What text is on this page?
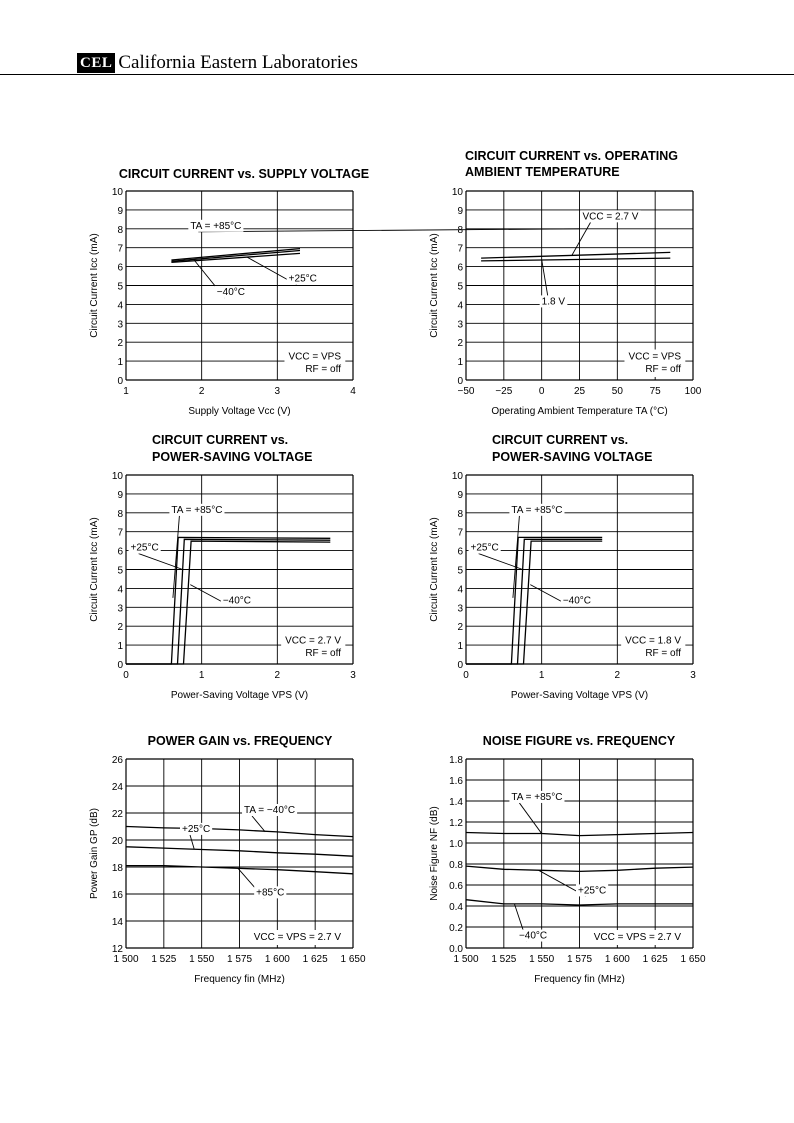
CEL California Eastern Laboratories
CIRCUIT CURRENT vs. SUPPLY VOLTAGE
1	2	3	4
0
1
2
3
4
5
6
7
8
9
10
Supply Voltage Vcc (V)
Circuit Current Icc (mA)
TA = +85°C
+25°C
−40°C
VCC = VPS
RF = off
CIRCUIT CURRENT vs. OPERATING AMBIENT TEMPERATURE
−50 −25	0	25	50	75 100
0
1
2
3
4
5
6
7
8
9
10
Operating Ambient Temperature TA (°C)
Circuit Current Icc (mA)
VCC = 2.7 V
1.8 V
VCC = VPS
RF = off
CIRCUIT CURRENT vs. POWER-SAVING VOLTAGE
0	1	2	3
0
1
2
3
4
5
6
7
8
9
10
Power-Saving Voltage VPS (V)
Circuit Current Icc (mA)
TA = +85°C
+25°C
−40°C
VCC = 2.7 V
RF = off
CIRCUIT CURRENT vs. POWER-SAVING VOLTAGE
0	1	2	3
0
1
2
3
4
5
6
7
8
9
10
Power-Saving Voltage VPS (V)
Circuit Current Icc (mA)
TA = +85°C
+25°C
−40°C
VCC = 1.8 V
RF = off
POWER GAIN vs. FREQUENCY
1 500 1 525 1 550 1 575 1 600 1 625 1 650
12
14
16
18
20
22
24
26
Frequency fin (MHz)
Power Gain GP (dB)	TA = −40°C
+25°C
+85°C
VCC = VPS = 2.7 V
NOISE FIGURE vs. FREQUENCY
1 500 1 525 1 550 1 575 1 600 1 625 1 650
0.0
0.2
0.4
0.6
0.8
1.0
1.2
1.4
1.6
1.8
Frequency fin (MHz)
Noise Figure NF (dB)
TA = +85°C
+25°C
−40°C	VCC = VPS = 2.7 V
